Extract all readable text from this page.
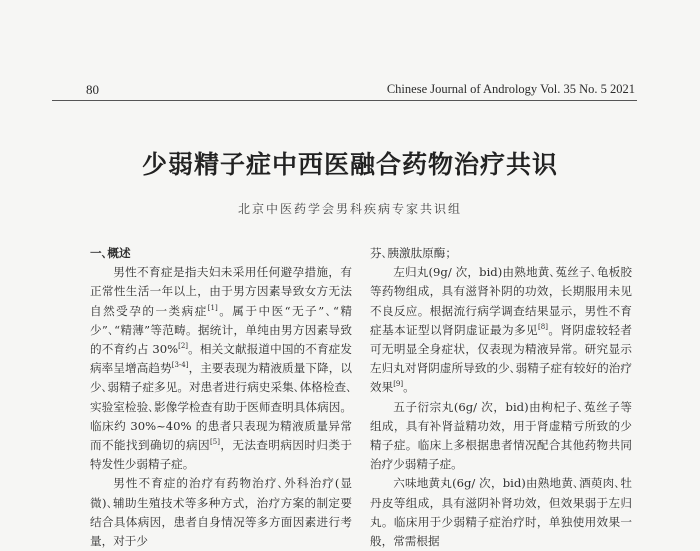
80	Chinese Journal of Andrology Vol. 35 No. 5 2021
少弱精子症中西医融合药物治疗共识
北京中医药学会男科疾病专家共识组
一､概述

男性不育症是指夫妇未采用任何避孕措施，有正常性生活一年以上，由于男方因素导致女方无法自然受孕的一类病症[1]。属于中医“无子”､“精少”､“精薄”等范畴。据统计，单纯由男方因素导致的不育约占 30%[2]。相关文献报道中国的不育症发病率呈增高趋势[3-4]，主要表现为精液质量下降，以少､弱精子症多见。对患者进行病史采集､体格检查､实验室检验､影像学检查有助于医师查明具体病因。临床约 30%~40% 的患者只表现为精液质量异常而不能找到确切的病因[5]，无法查明病因时归类于特发性少弱精子症。

男性不育症的治疗有药物治疗､外科治疗(显微)､辅助生殖技术等多种方式，治疗方案的制定要结合具体病因，患者自身情况等多方面因素进行考量，对于少

芬､胰激肽原酶；

左归丸(9g/ 次，bid)由熟地黄､菟丝子､龟板胶等药物组成，具有滋肾补阴的功效，长期服用未见不良反应。根据流行病学调查结果显示，男性不育症基本证型以肾阴虚证最为多见[8]。肾阴虚较轻者可无明显全身症状，仅表现为精液异常。研究显示左归丸对肾阴虚所导致的少､弱精子症有较好的治疗效果[9]。

五子衍宗丸(6g/ 次，bid)由枸杞子､菟丝子等组成，具有补肾益精功效，用于肾虚精亏所致的少精子症。临床上多根据患者情况配合其他药物共同治疗少弱精子症。

六味地黄丸(6g/ 次，bid)由熟地黄､酒萸肉､牡丹皮等组成，具有滋阴补肾功效，但效果弱于左归丸。临床用于少弱精子症治疗时，单独使用效果一般，常需根据
